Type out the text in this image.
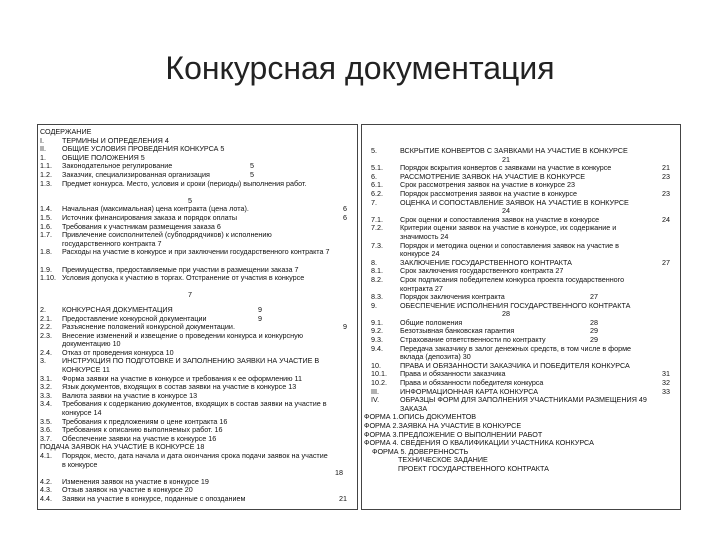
Конкурсная документация
СОДЕРЖАНИЕ
I.	ТЕРМИНЫ И ОПРЕДЕЛЕНИЯ 4
II. ОБЩИЕ УСЛОВИЯ ПРОВЕДЕНИЯ КОНКУРСА 5
1. ОБЩИЕ ПОЛОЖЕНИЯ 5
1.1. Законодательное регулирование	5
1.2. Заказчик, специализированная организация	5
1.3. Предмет конкурса. Место, условия и сроки (периоды) выполнения работ.
5
1.4. Начальная (максимальная) цена контракта (цена лота).	6
1.5. Источник финансирования заказа и порядок оплаты	6
1.6. Требования к участникам размещения заказа 6
1.7. Привлечение соисполнителей (субподрядчиков) к исполнению государственного контракта 7
1.8. Расходы на участие в конкурсе и при заключении государственного контракта 7
1.9. Преимущества, предоставляемые при участии в размещении заказа 7
1.10. Условия допуска к участию в торгах. Отстранение от участия в конкурсе
7
2. КОНКУРСНАЯ ДОКУМЕНТАЦИЯ	9
2.1. Предоставление конкурсной документации	9
2.2. Разъяснение положений конкурсной документации.	9
2.3. Внесение изменений и извещение о проведении конкурса и конкурсную документацию 10
2.4. Отказ от проведения конкурса 10
3. ИНСТРУКЦИЯ ПО ПОДГОТОВКЕ И ЗАПОЛНЕНИЮ ЗАЯВКИ НА УЧАСТИЕ В КОНКУРСЕ 11
3.1. Форма заявки на участие в конкурсе и требования к ее оформлению 11
3.2. Язык документов, входящих в состав заявки на участие в конкурсе 13
3.3. Валюта заявки на участие в конкурсе 13
3.4. Требования к содержанию документов, входящих в состав заявки на участие в конкурсе 14
3.5. Требования к предложениям о цене контракта 16
3.6. Требования к описанию выполняемых работ. 16
3.7. Обеспечение заявки на участие в конкурсе 16
ПОДАЧА ЗАЯВОК НА УЧАСТИЕ В КОНКУРСЕ 18
4.1. Порядок, место, дата начала и дата окончания срока подачи заявок на участие в конкурсе
18
4.2. Изменения заявок на участие в конкурсе 19
4.3. Отзыв заявок на участие в конкурсе 20
4.4. Заявки на участие в конкурсе, поданные с опозданием	21
5.	ВСКРЫТИЕ КОНВЕРТОВ С ЗАЯВКАМИ НА УЧАСТИЕ В КОНКУРСЕ
21
5.1. Порядок вскрытия конвертов с заявками на участие в конкурсе	21
6.	РАССМОТРЕНИЕ ЗАЯВОК НА УЧАСТИЕ В КОНКУРСЕ	23
6.1. Срок рассмотрения заявок на участие в конкурсе 23
6.2. Порядок рассмотрения заявок на участие в конкурсе	23
7.	ОЦЕНКА И СОПОСТАВЛЕНИЕ ЗАЯВОК НА УЧАСТИЕ В КОНКУРСЕ
24
7.1. Срок оценки и сопоставления заявок на участие в конкурсе	24
7.2. Критерии оценки заявок на участие в конкурсе, их содержание и значимость 24
7.3. Порядок и методика оценки и сопоставления заявок на участие в конкурсе 24
8.	ЗАКЛЮЧЕНИЕ ГОСУДАРСТВЕННОГО КОНТРАКТА	27
8.1. Срок заключения государственного контракта 27
8.2. Срок подписания победителем конкурса проекта государственного контракта 27
8.3. Порядок заключения контракта	27
9.	ОБЕСПЕЧЕНИЕ ИСПОЛНЕНИЯ ГОСУДАРСТВЕННОГО КОНТРАКТА
28
9.1. Общие положения	28
9.2. Безотзывная банковская гарантия	29
9.3. Страхование ответственности по контракту	29
9.4. Передача заказчику в залог денежных средств, в том числе в форме вклада (депозита) 30
10.	ПРАВА И ОБЯЗАННОСТИ ЗАКАЗЧИКА И ПОБЕДИТЕЛЯ КОНКУРСА
10.1. Права и обязанности заказчика	31
10.2. Права и обязанности победителя конкурса	32
III.	ИНФОРМАЦИОННАЯ КАРТА КОНКУРСА	33
IV.	ОБРАЗЦЫ ФОРМ ДЛЯ ЗАПОЛНЕНИЯ УЧАСТНИКАМИ РАЗМЕЩЕНИЯ 49 ЗАКАЗА
ФОРМА 1.ОПИСЬ ДОКУМЕНТОВ
ФОРМА 2.ЗАЯВКА НА УЧАСТИЕ В КОНКУРСЕ
ФОРМА 3.ПРЕДЛОЖЕНИЕ О ВЫПОЛНЕНИИ РАБОТ
ФОРМА 4. СВЕДЕНИЯ О КВАЛИФИКАЦИИ УЧАСТНИКА КОНКУРСА
ФОРМА 5. ДОВЕРЕННОСТЬ
ТЕХНИЧЕСКОЕ ЗАДАНИЕ
ПРОЕКТ ГОСУДАРСТВЕННОГО КОНТРАКТА
